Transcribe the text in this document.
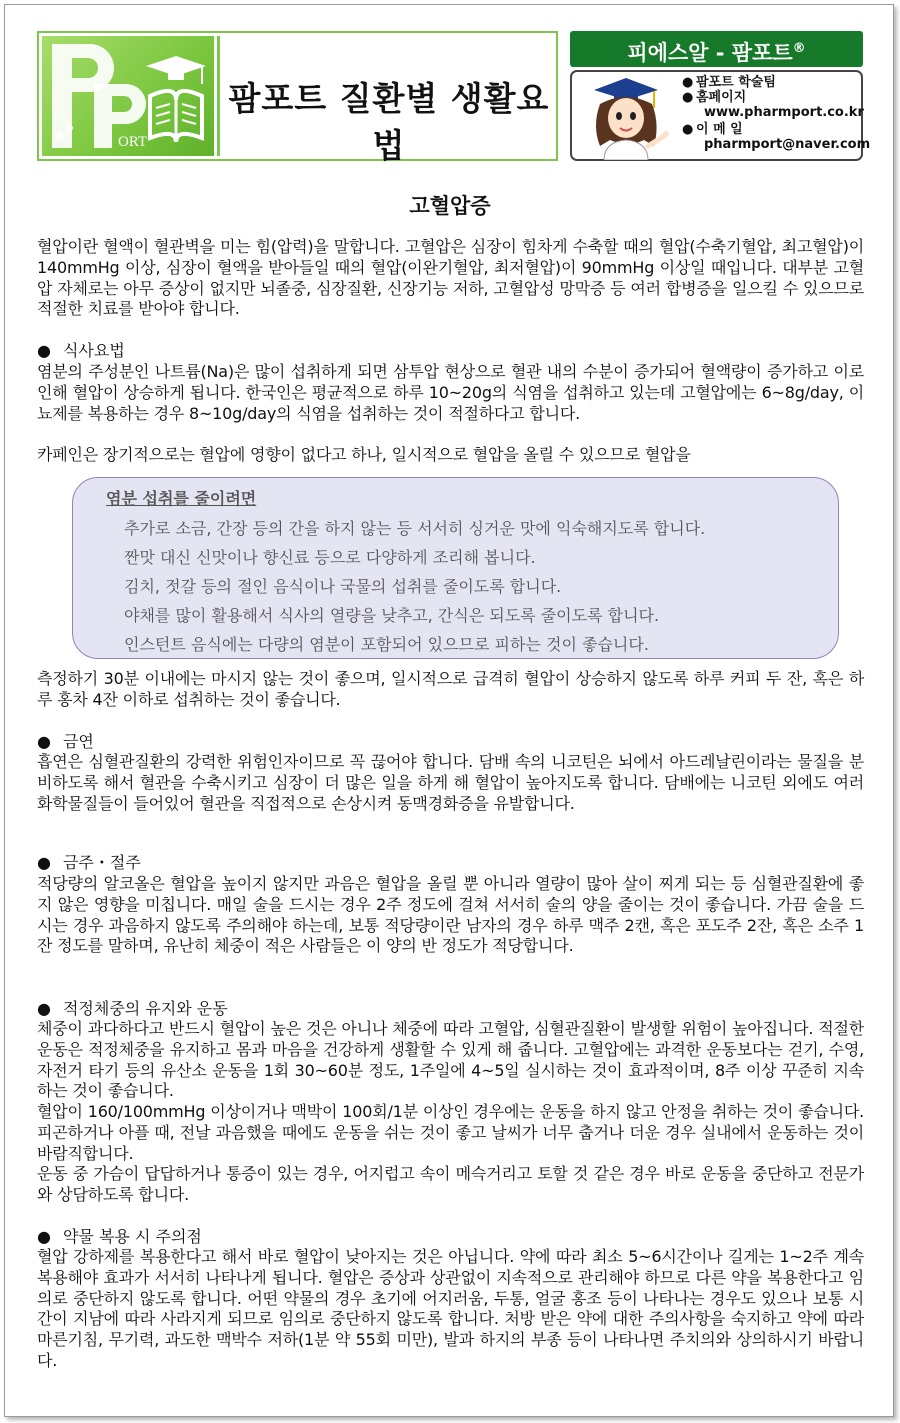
ORT
팜포트 질환별 생활요법
피에스알 - 팜포트®
● 팜포트 학술팀
● 홈페이지
www.pharmport.co.kr
● 이 메 일
pharmport@naver.com
고혈압증
혈압이란 혈액이 혈관벽을 미는 힘(압력)을 말합니다. 고혈압은 심장이 힘차게 수축할 때의 혈압(수축기혈압, 최고혈압)이 140mmHg 이상, 심장이 혈액을 받아들일 때의 혈압(이완기혈압, 최저혈압)이 90mmHg 이상일 때입니다. 대부분 고혈압 자체로는 아무 증상이 없지만 뇌졸중, 심장질환, 신장기능 저하, 고혈압성 망막증 등 여러 합병증을 일으킬 수 있으므로 적절한 치료를 받아야 합니다.
● 식사요법
염분의 주성분인 나트륨(Na)은 많이 섭취하게 되면 삼투압 현상으로 혈관 내의 수분이 증가되어 혈액량이 증가하고 이로 인해 혈압이 상승하게 됩니다. 한국인은 평균적으로 하루 10~20g의 식염을 섭취하고 있는데 고혈압에는 6~8g/day, 이뇨제를 복용하는 경우 8~10g/day의 식염을 섭취하는 것이 적절하다고 합니다.
카페인은 장기적으로는 혈압에 영향이 없다고 하나, 일시적으로 혈압을 올릴 수 있으므로 혈압을
염분 섭취를 줄이려면
추가로 소금, 간장 등의 간을 하지 않는 등 서서히 싱거운 맛에 익숙해지도록 합니다.
짠맛 대신 신맛이나 향신료 등으로 다양하게 조리해 봅니다.
김치, 젓갈 등의 절인 음식이나 국물의 섭취를 줄이도록 합니다.
야채를 많이 활용해서 식사의 열량을 낮추고, 간식은 되도록 줄이도록 합니다.
인스턴트 음식에는 다량의 염분이 포함되어 있으므로 피하는 것이 좋습니다.
측정하기 30분 이내에는 마시지 않는 것이 좋으며, 일시적으로 급격히 혈압이 상승하지 않도록 하루 커피 두 잔, 혹은 하루 홍차 4잔 이하로 섭취하는 것이 좋습니다.
● 금연
흡연은 심혈관질환의 강력한 위험인자이므로 꼭 끊어야 합니다. 담배 속의 니코틴은 뇌에서 아드레날린이라는 물질을 분비하도록 해서 혈관을 수축시키고 심장이 더 많은 일을 하게 해 혈압이 높아지도록 합니다. 담배에는 니코틴 외에도 여러 화학물질들이 들어있어 혈관을 직접적으로 손상시켜 동맥경화증을 유발합니다.
● 금주・절주
적당량의 알코올은 혈압을 높이지 않지만 과음은 혈압을 올릴 뿐 아니라 열량이 많아 살이 찌게 되는 등 심혈관질환에 좋지 않은 영향을 미칩니다. 매일 술을 드시는 경우 2주 정도에 걸쳐 서서히 술의 양을 줄이는 것이 좋습니다. 가끔 술을 드시는 경우 과음하지 않도록 주의해야 하는데, 보통 적당량이란 남자의 경우 하루 맥주 2캔, 혹은 포도주 2잔, 혹은 소주 1잔 정도를 말하며, 유난히 체중이 적은 사람들은 이 양의 반 정도가 적당합니다.
● 적정체중의 유지와 운동
체중이 과다하다고 반드시 혈압이 높은 것은 아니나 체중에 따라 고혈압, 심혈관질환이 발생할 위험이 높아집니다. 적절한 운동은 적정체중을 유지하고 몸과 마음을 건강하게 생활할 수 있게 해 줍니다. 고혈압에는 과격한 운동보다는 걷기, 수영, 자전거 타기 등의 유산소 운동을 1회 30~60분 정도, 1주일에 4~5일 실시하는 것이 효과적이며, 8주 이상 꾸준히 지속하는 것이 좋습니다.
혈압이 160/100mmHg 이상이거나 맥박이 100회/1분 이상인 경우에는 운동을 하지 않고 안정을 취하는 것이 좋습니다. 피곤하거나 아플 때, 전날 과음했을 때에도 운동을 쉬는 것이 좋고 날씨가 너무 춥거나 더운 경우 실내에서 운동하는 것이 바람직합니다.
운동 중 가슴이 답답하거나 통증이 있는 경우, 어지럽고 속이 메슥거리고 토할 것 같은 경우 바로 운동을 중단하고 전문가와 상담하도록 합니다.
● 약물 복용 시 주의점
혈압 강하제를 복용한다고 해서 바로 혈압이 낮아지는 것은 아닙니다. 약에 따라 최소 5~6시간이나 길게는 1~2주 계속 복용해야 효과가 서서히 나타나게 됩니다. 혈압은 증상과 상관없이 지속적으로 관리해야 하므로 다른 약을 복용한다고 임의로 중단하지 않도록 합니다. 어떤 약물의 경우 초기에 어지러움, 두통, 얼굴 홍조 등이 나타나는 경우도 있으나 보통 시간이 지남에 따라 사라지게 되므로 임의로 중단하지 않도록 합니다. 처방 받은 약에 대한 주의사항을 숙지하고 약에 따라 마른기침, 무기력, 과도한 맥박수 저하(1분 약 55회 미만), 발과 하지의 부종 등이 나타나면 주치의와 상의하시기 바랍니다.
